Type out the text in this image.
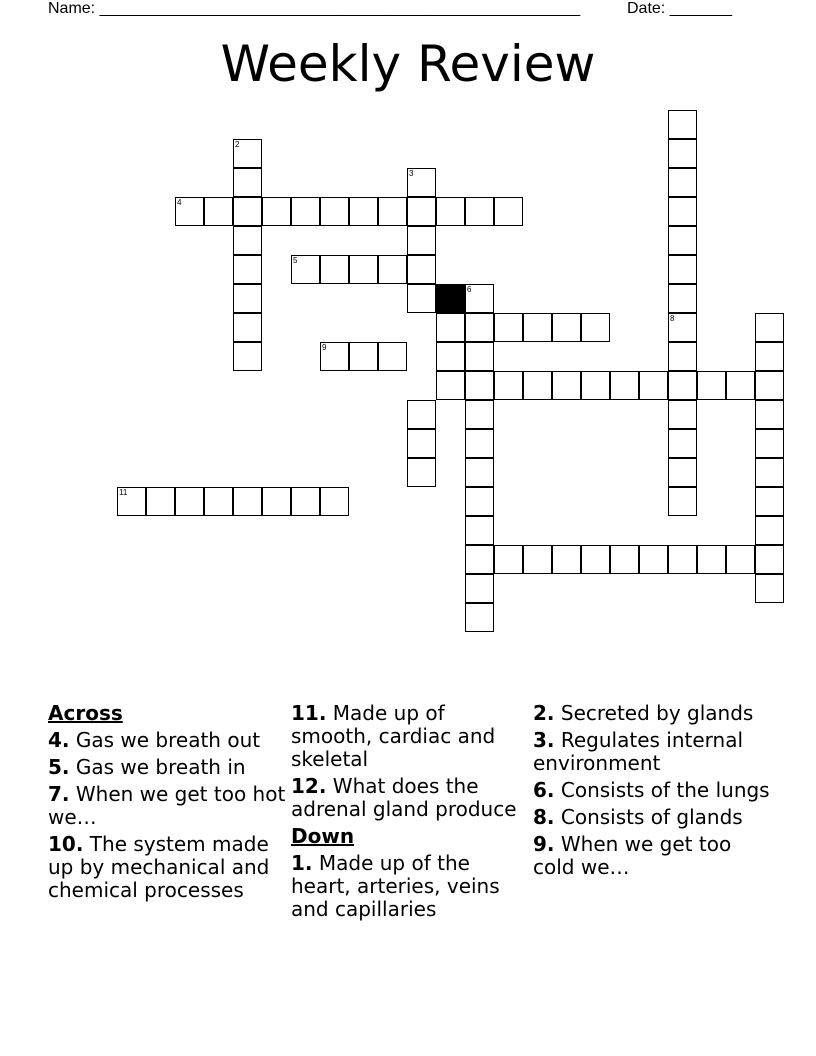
Name: ______________________________________________________	Date: _______
Weekly Review
8
2
3
4
5
6
9
11
Across
4. Gas we breath out
5. Gas we breath in
7. When we get too hot we…
10. The system made up by mechanical and chemical processes
11. Made up of smooth, cardiac and skeletal
12. What does the adrenal gland produce
Down
1. Made up of the heart, arteries, veins and capillaries
2. Secreted by glands
3. Regulates internal environment
6. Consists of the lungs
8. Consists of glands
9. When we get too cold we…
